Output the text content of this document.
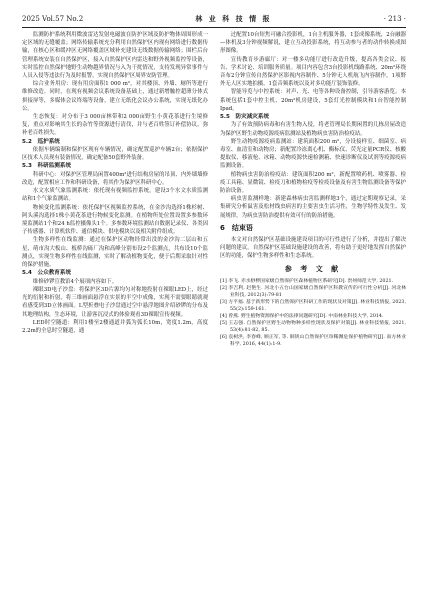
2025 Vol.57 No.2	林 业 科 技 情 报	· 213 ·
监测防护系统利用微波雷达发射电磁波在防护区域及防护物体周围形成一定区域的无缝覆盖；网络传输系统充分利用自然保护区内现有网络进行数据传输，在核心区和缓冲区无网络覆盖区域补充建设无线数据传输网络；围栏后台管理系统安装在自然保护区，接入自然保护区内雷达和野外视频监控等设备，实时监控自然保护地野生动物越界情况与入为干扰情况，支持发现异常事件与人员入侵等违法行为及时报警，实现自然保护区周界安防管理。
综合业务用房：现有用房面积1 000 m²，对其楼顶、外墙、厕所等进行维修改造。同时，在现有视频会议系统设备基础上，通过新增触控超薄分体式拼接屏等，多媒体会议终端等设备，建立无纸化会议办公系统，实现无纸化办公。
生态恢复：对分布于3 000亩林带和2 000亩野生小黄花茶进行生境修复，重点对影响其生长的杂竹等资源进行清伐，并与老百姓签订补偿协议，弥补老百姓损失。
5.2　巡护系统
依据车辆编制和保护区现有车辆情况，确定配置巡护车辆2台；依据保护区技术人员现有装备情况，确定配备50套野外装备。
5.3　科研监测系统
科研中心：对保护区管理局闲置400m²进行结构房屋的吊顶、内外墙墙修改造，配置相应工作和科研设备，将其作为保护区科研中心。
水文水质气象监测系统：依托现有视频监控系统，建设3个水文水质监测站和1个气象监测站。
物候变化监测系统：依托保护区视频监控系统，在金沙沟选择1株杉树、阿头溪沟选择1株小黄花茶进行物候变化监测。在植物所处位置设置多参数环境监测站1个和24 h监控摄像头1个。多参数环境监测站自数据记录仪、各类因子传感器、计算机软件、通信模块、供电模块以及相关附件组成。
生物多样性在线监测：通过在保护区动物经常出没的金沙沟二层山和五星、萌市沟大板山、板桥沟砾厂沟和高峰分别布设2个监测点，共布设10个监测点，实现生物多样性在线监测，实时了解动植物变化，便于后期采取针对性的保护措施。
5.4　公众教育系统
维修砂锣宣教馆4个展项内容如下。
裸眼3D电子沙盘：将保护区3D片源均匀对称地投射在裸眼LED上，经过光的衍射和折射，将三维画面悬浮在实景的半空中成像，实现不需要眼睛就观看感受到3D立体画面。L型折叠电子沙盘通过空中悬浮地图介绍砂锣的分布及其地理结构，生态环境，让游客沉浸式的体验观看3D裸眼宣传视频。
LED时空隧道：利用1楼至2楼通道并弧为弧长10m，宽度1.2m，高度2.2m的全息时空隧道，通
过配置10台短焦可融合投影机，1台主机服务器，1套成像系统，2台融器—体机及3分钟视频解说，建立互动投影系统，将互动参与者的动作转换成图形图像。
宣传教育步游廊厅：对一楼多功能厅进行改造升级，提高各类会议、报告、学术讨论、培训服务质量。项目内容包含3台投影机线路系统、20m²环绕音布2分钟宣传自然保护区影视内容制作、5分钟无人机航飞内容制作，1项野外无人区实地拍摄，1套音频系统以及对多功能厅装饰装修。
智能导览与中控系统：对声、光、电等各种设备控制，引导游客游览。本系统包括1套中控主机、20m²机房建设，5套灯光控制模块和1台智能控制Ipad。
5.5　防灾减灾系统
为了有效预防病毒和有害生物入侵，将老管理局长期闲置的几栋房屋改造为保护区野生动物疫源疫病监测站及植物病虫害防治检疫站。
野生动物疫源疫病监测站：建筑面积200 m²，分设接样室、细菌室、病毒室、血清室和动物房；新配置冷冻离心机、酶标仪、荧光定量PCR仪、核酸提取仪、移液枪、冰箱、动物疫源快速检测箱、快速诊断仪及试剂等疫源疫病监测设备。
植物病虫害防治检疫站：建筑面积200 m²，新配置喷药机、喷雾器、检疫工具箱、显微镜、检疫刀和植物检疫等检疫设备及有害生物监测设备等保护防治设备。
病虫害监测样地：新建森林病虫害监测样地3个，通过定期观察记录，采集研究分析鼠害及松材线虫病害的主要害虫生活习性，生物学特性及发生、发展规律，为病虫害防治提供有效可行的防治措施。
6　结束语
本文对自然保护区基础设施建设项目的可行性进行了分析，并提出了解决问题的建议。自然保护区基础设施建设的改善，将有助于更好地发挥自然保护区的功能，保护生物多样性和生态系统。
参 考 文 献
[1] 李飞. 赤水桫椤国家级自然保护区森林植物区系研究[D]. 贵州师范大学, 2021.
[2] 李吉利, 赵艳生. 河北小五台山国家级自然保护区科教宣传的可行性分析[J]. 河北林业科技, 2012(3):79-81
[3] 方平福. 基于新形势下的自然保护区科研工作的现状及对策[J]. 林业科技情报, 2023, 55(2):159-161.
[4] 曾燕. 野生植物资源保护中的法律问题研究[D]. 中南林业科技大学, 2014.
[5] 王志强. 自然保护区野生动物物种多样性现状及保护对策[J]. 林业科技情报, 2021, 53(4):81-82, 85.
[6] 袁树洪, 李春峰, 顾正军, 等. 铜钹山自然保护区珍稀濒危保护植物研究[J]. 南方林业科学, 2016, 44(1):1-9.
